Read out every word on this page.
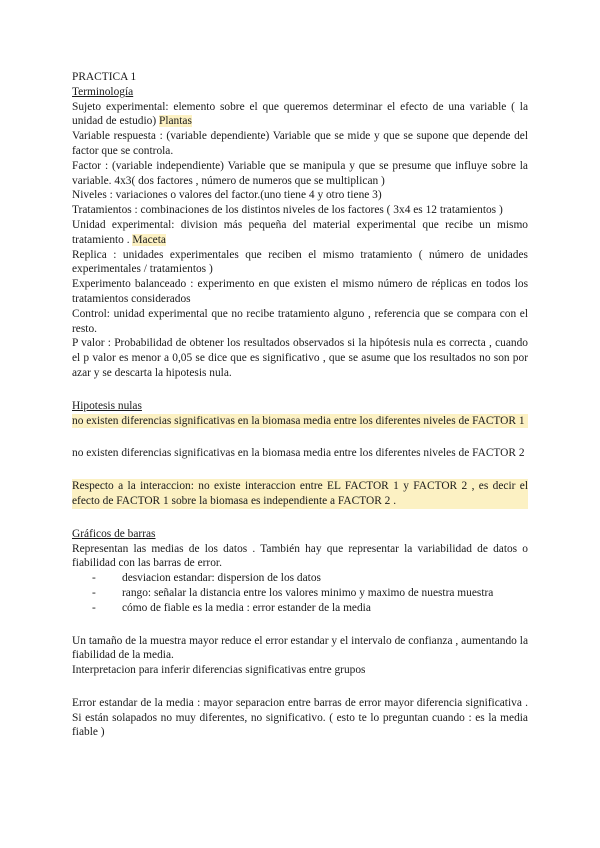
PRACTICA 1

Terminología

Sujeto experimental: elemento sobre el que queremos determinar el efecto de una variable ( la unidad de estudio) Plantas

Variable respuesta : (variable dependiente) Variable que se mide y que se supone que depende del factor que se controla.

Factor : (variable independiente) Variable que se manipula y que se presume que influye sobre la variable. 4x3( dos factores , número de numeros que se multiplican )

Niveles : variaciones o valores del factor.(uno tiene 4 y otro tiene 3)

Tratamientos : combinaciones de los distintos niveles de los factores ( 3x4 es 12 tratamientos )

Unidad experimental: division más pequeña del material experimental que recibe un mismo tratamiento . Maceta

Replica : unidades experimentales que reciben el mismo tratamiento ( número de unidades experimentales / tratamientos )

Experimento balanceado : experimento en que existen el mismo número de réplicas en todos los tratamientos considerados

Control: unidad experimental que no recibe tratamiento alguno , referencia que se compara con el resto.

P valor : Probabilidad de obtener los resultados observados si la hipótesis nula es correcta , cuando el p valor es menor a 0,05 se dice que es significativo , que se asume que los resultados no son por azar y se descarta la hipotesis nula.

Hipotesis nulas

no existen diferencias significativas en la biomasa media entre los diferentes niveles de FACTOR 1

no existen diferencias significativas en la biomasa media entre los diferentes niveles de FACTOR 2

Respecto a la interaccion: no existe interaccion entre EL FACTOR 1 y FACTOR 2 , es decir el efecto de FACTOR 1 sobre la biomasa es independiente a FACTOR 2 .

Gráficos de barras

Representan las medias de los datos . También hay que representar la variabilidad de datos o fiabilidad con las barras de error.

- desviacion estandar: dispersion de los datos
- rango: señalar la distancia entre los valores minimo y maximo de nuestra muestra
- cómo de fiable es la media : error estander de la media

Un tamaño de la muestra mayor reduce el error estandar y el intervalo de confianza , aumentando la fiabilidad de la media.

Interpretacion para inferir diferencias significativas entre grupos

Error estandar de la media : mayor separacion entre barras de error mayor diferencia significativa . Si están solapados no muy diferentes, no significativo. ( esto te lo preguntan cuando : es la media fiable )
